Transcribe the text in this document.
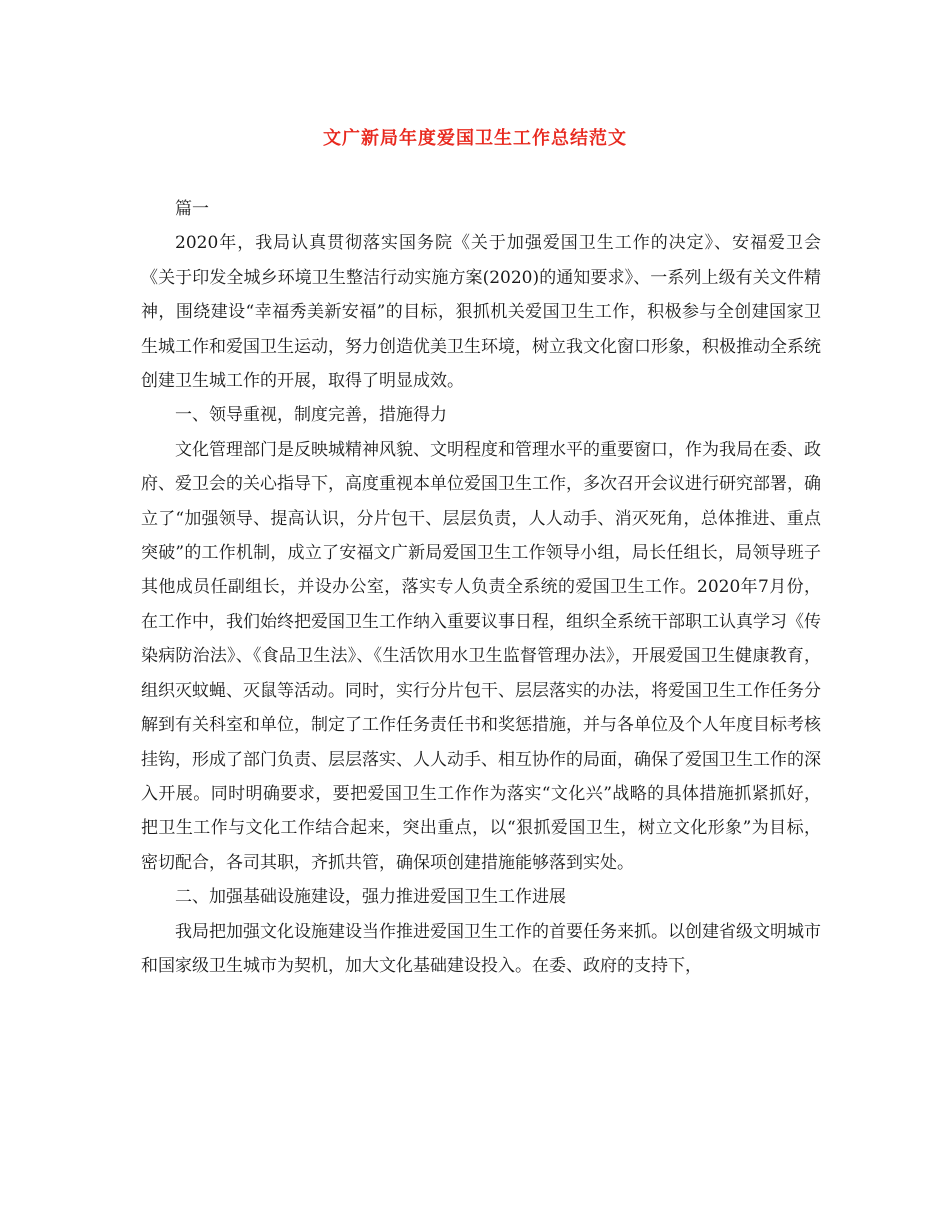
文广新局年度爱国卫生工作总结范文

篇一

2020年，我局认真贯彻落实国务院《关于加强爱国卫生工作的决定》、安福爱卫会《关于印发全城乡环境卫生整洁行动实施方案(2020)的通知要求》、一系列上级有关文件精神，围绕建设“幸福秀美新安福”的目标，狠抓机关爱国卫生工作，积极参与全创建国家卫生城工作和爱国卫生运动，努力创造优美卫生环境，树立我文化窗口形象，积极推动全系统创建卫生城工作的开展，取得了明显成效。

一、领导重视，制度完善，措施得力

文化管理部门是反映城精神风貌、文明程度和管理水平的重要窗口，作为我局在委、政府、爱卫会的关心指导下，高度重视本单位爱国卫生工作，多次召开会议进行研究部署，确立了“加强领导、提高认识，分片包干、层层负责，人人动手、消灭死角，总体推进、重点突破”的工作机制，成立了安福文广新局爱国卫生工作领导小组，局长任组长，局领导班子其他成员任副组长，并设办公室，落实专人负责全系统的爱国卫生工作。2020年7月份，在工作中，我们始终把爱国卫生工作纳入重要议事日程，组织全系统干部职工认真学习《传染病防治法》、《食品卫生法》、《生活饮用水卫生监督管理办法》，开展爱国卫生健康教育，组织灭蚊蝇、灭鼠等活动。同时，实行分片包干、层层落实的办法，将爱国卫生工作任务分解到有关科室和单位，制定了工作任务责任书和奖惩措施，并与各单位及个人年度目标考核挂钩，形成了部门负责、层层落实、人人动手、相互协作的局面，确保了爱国卫生工作的深入开展。同时明确要求，要把爱国卫生工作作为落实“文化兴”战略的具体措施抓紧抓好，把卫生工作与文化工作结合起来，突出重点，以“狠抓爱国卫生，树立文化形象”为目标，密切配合，各司其职，齐抓共管，确保项创建措施能够落到实处。

二、加强基础设施建设，强力推进爱国卫生工作进展

我局把加强文化设施建设当作推进爱国卫生工作的首要任务来抓。以创建省级文明城市和国家级卫生城市为契机，加大文化基础建设投入。在委、政府的支持下，
